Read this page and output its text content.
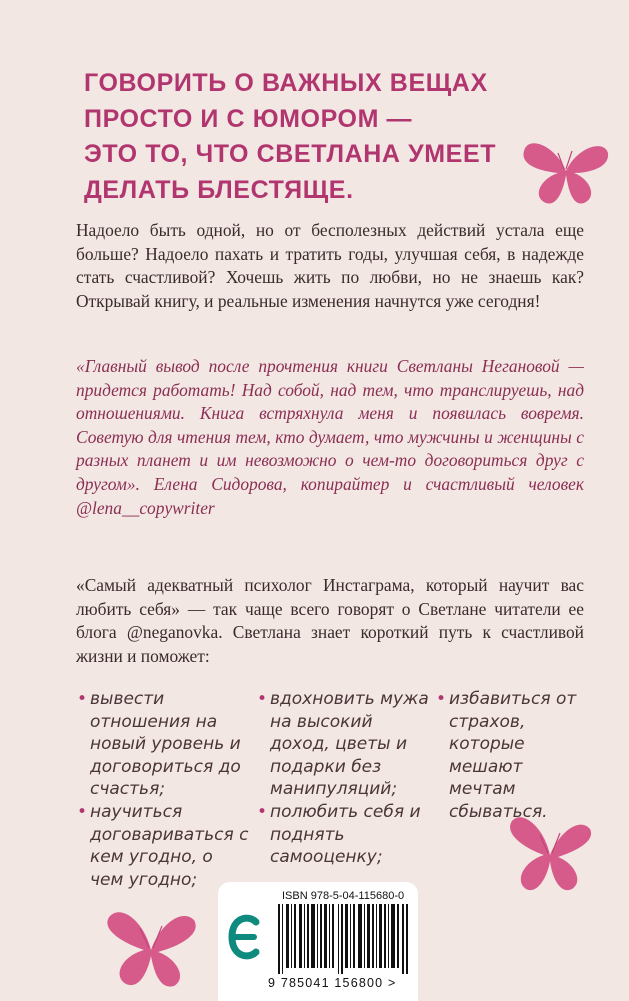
ГОВОРИТЬ О ВАЖНЫХ ВЕЩАХ
ПРОСТО И С ЮМОРОМ —
ЭТО ТО, ЧТО СВЕТЛАНА УМЕЕТ
ДЕЛАТЬ БЛЕСТЯЩЕ.

Надоело быть одной, но от бесполезных действий устала еще больше? Надоело пахать и тратить годы, улучшая себя, в надежде стать счастливой? Хочешь жить по любви, но не знаешь как? Открывай книгу, и реальные изменения начнутся уже сегодня!

«Главный вывод после прочтения книги Светланы Негановой — придется работать! Над собой, над тем, что транслируешь, над отношениями. Книга встряхнула меня и появилась вовремя. Советую для чтения тем, кто думает, что мужчины и женщины с разных планет и им невозможно о чем-то договориться друг с другом». Елена Сидорова, копирайтер и счастливый человек @lena__copywriter

«Самый адекватный психолог Инстаграма, который научит вас любить себя» — так чаще всего говорят о Светлане читатели ее блога @neganovka. Светлана знает короткий путь к счастливой жизни и поможет:

• вывести отношения на новый уровень и договориться до счастья;
• вдохновить мужа на высокий доход, цветы и подарки без манипуляций;
• избавиться от страхов, которые мешают мечтам сбываться.
• научиться договариваться с кем угодно, о чем угодно;
• полюбить себя и поднять самооценку;
ISBN 978-5-04-115680-0
9 785041 156800 >
